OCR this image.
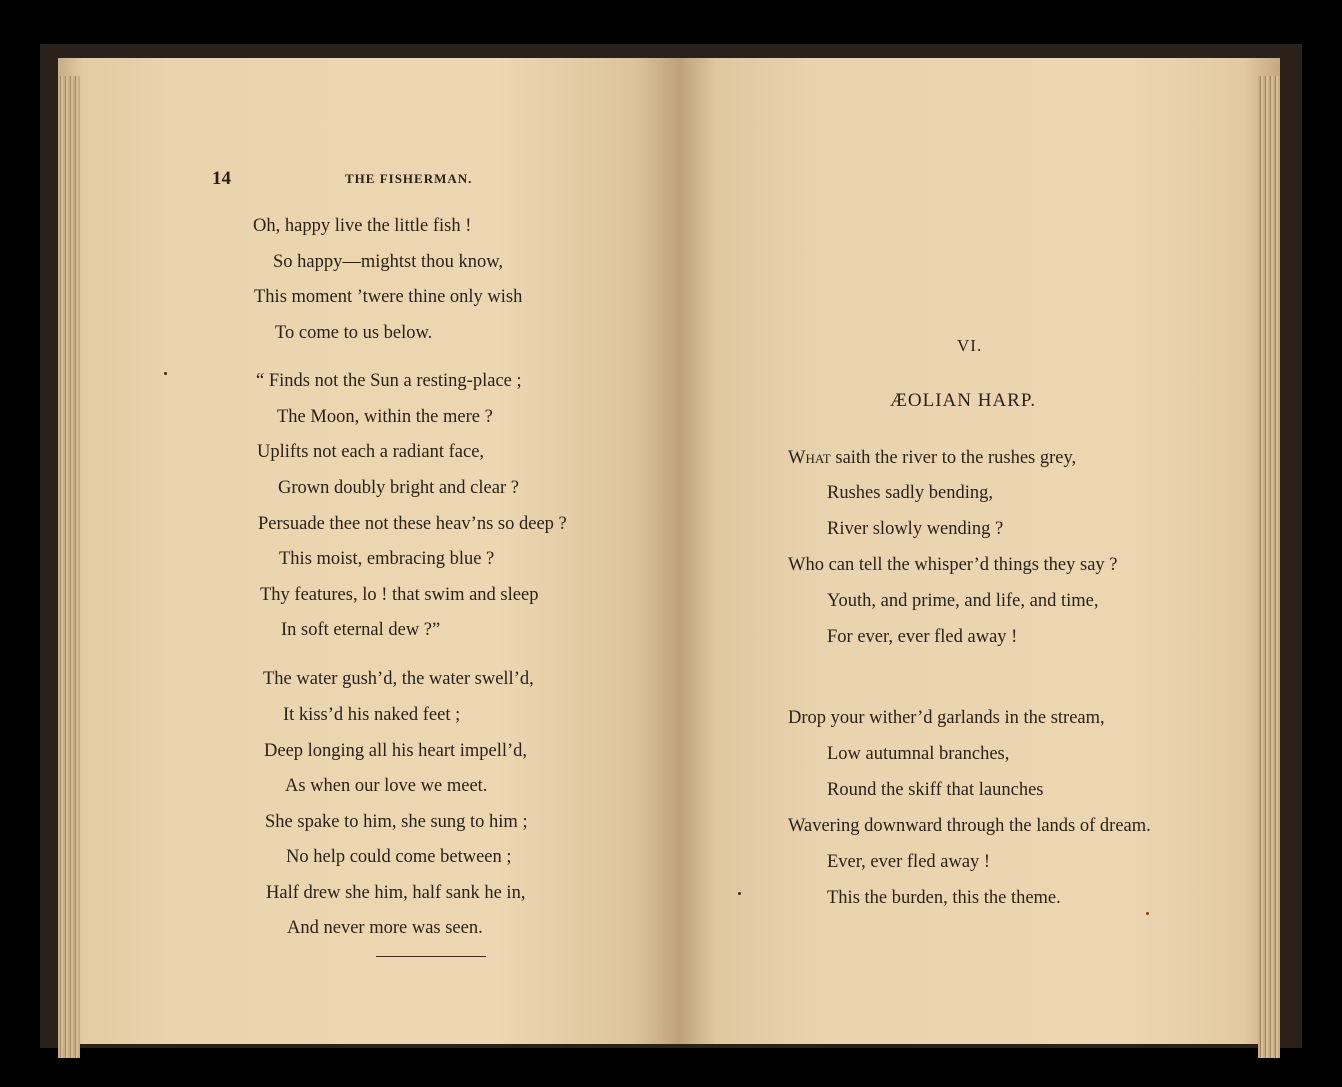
14	THE FISHERMAN.
Oh, happy live the little fish !
So happy—mightst thou know,
This moment ’twere thine only wish
To come to us below.
“ Finds not the Sun a resting-place ;
The Moon, within the mere ?
Uplifts not each a radiant face,
Grown doubly bright and clear ?
Persuade thee not these heav’ns so deep ?
This moist, embracing blue ?
Thy features, lo ! that swim and sleep
In soft eternal dew ?”
The water gush’d, the water swell’d,
It kiss’d his naked feet ;
Deep longing all his heart impell’d,
As when our love we meet.
She spake to him, she sung to him ;
No help could come between ;
Half drew she him, half sank he in,
And never more was seen.
VI.
ÆOLIAN HARP.
What saith the river to the rushes grey,
Rushes sadly bending,
River slowly wending ?
Who can tell the whisper’d things they say ?
Youth, and prime, and life, and time,
For ever, ever fled away !
Drop your wither’d garlands in the stream,
Low autumnal branches,
Round the skiff that launches
Wavering downward through the lands of dream.
Ever, ever fled away !
This the burden, this the theme.
